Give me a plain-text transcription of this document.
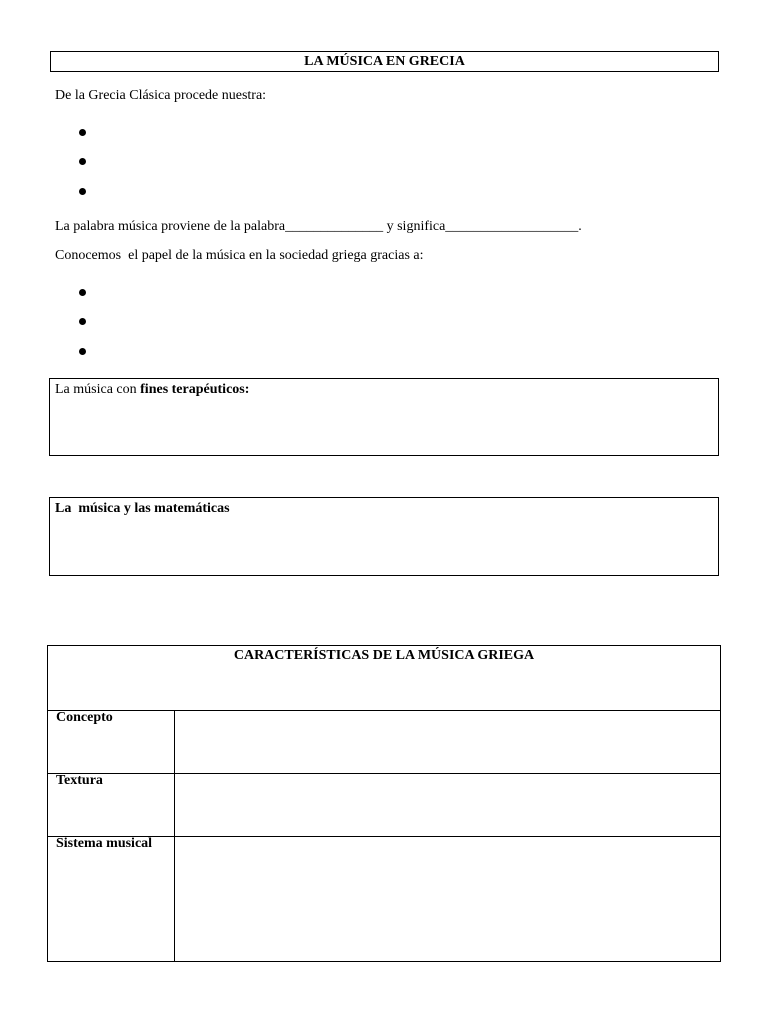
LA MÚSICA EN GRECIA
De la Grecia Clásica procede nuestra:
La palabra música proviene de la palabra______________ y significa___________________.
Conocemos  el papel de la música en la sociedad griega gracias a:
La música con fines terapéuticos:
La  música y las matemáticas
CARACTERÍSTICAS DE LA MÚSICA GRIEGA
Concepto
Textura
Sistema musical
